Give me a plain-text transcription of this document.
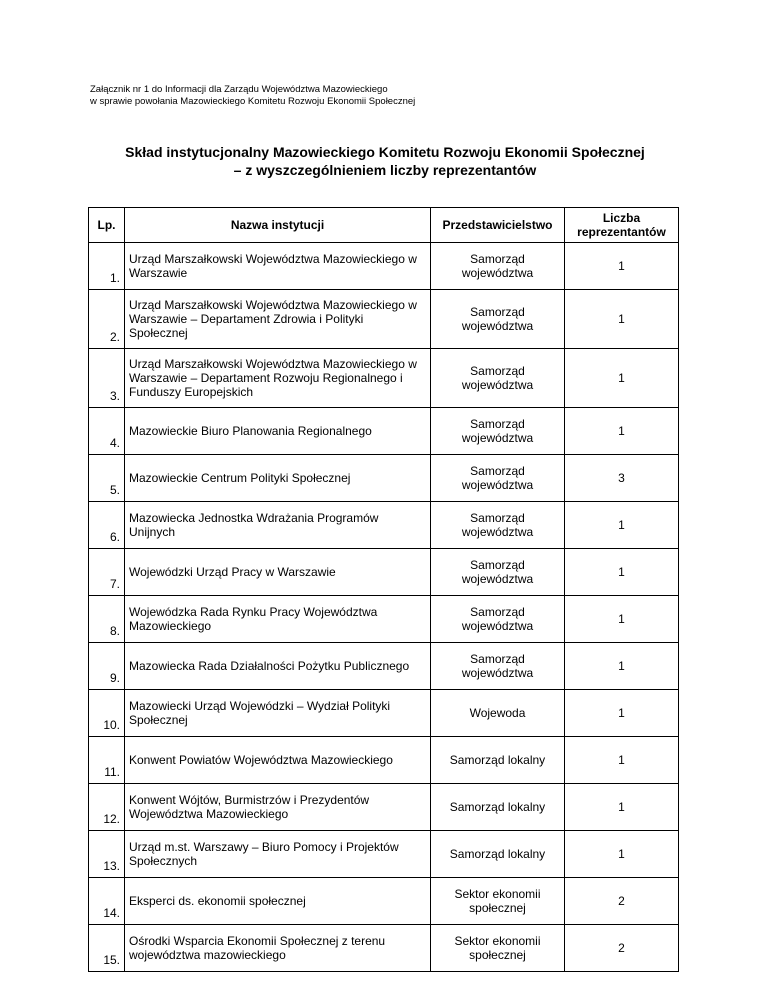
Załącznik nr 1 do Informacji dla Zarządu Województwa Mazowieckiego
w sprawie powołania Mazowieckiego Komitetu Rozwoju Ekonomii Społecznej
Skład instytucjonalny Mazowieckiego Komitetu Rozwoju Ekonomii Społecznej
– z wyszczególnieniem liczby reprezentantów
Lp.	Nazwa instytucji	Przedstawicielstwo	Liczba
reprezentantów

1.	Urząd Marszałkowski Województwa Mazowieckiego w Warszawie	Samorząd województwa	1
2.	Urząd Marszałkowski Województwa Mazowieckiego w Warszawie – Departament Zdrowia i Polityki Społecznej	Samorząd województwa	1
3.	Urząd Marszałkowski Województwa Mazowieckiego w Warszawie – Departament Rozwoju Regionalnego i Funduszy Europejskich	Samorząd województwa	1
4.	Mazowieckie Biuro Planowania Regionalnego	Samorząd województwa	1
5.	Mazowieckie Centrum Polityki Społecznej	Samorząd województwa	3
6.	Mazowiecka Jednostka Wdrażania Programów Unijnych	Samorząd województwa	1
7.	Wojewódzki Urząd Pracy w Warszawie	Samorząd województwa	1
8.	Wojewódzka Rada Rynku Pracy Województwa Mazowieckiego	Samorząd województwa	1
9.	Mazowiecka Rada Działalności Pożytku Publicznego	Samorząd województwa	1
10.	Mazowiecki Urząd Wojewódzki – Wydział Polityki Społecznej	Wojewoda	1
11.	Konwent Powiatów Województwa Mazowieckiego	Samorząd lokalny	1
12.	Konwent Wójtów, Burmistrzów i Prezydentów Województwa Mazowieckiego	Samorząd lokalny	1
13.	Urząd m.st. Warszawy – Biuro Pomocy i Projektów Społecznych	Samorząd lokalny	1
14.	Eksperci ds. ekonomii społecznej	Sektor ekonomii społecznej	2
15.	Ośrodki Wsparcia Ekonomii Społecznej z terenu województwa mazowieckiego	Sektor ekonomii społecznej	2
